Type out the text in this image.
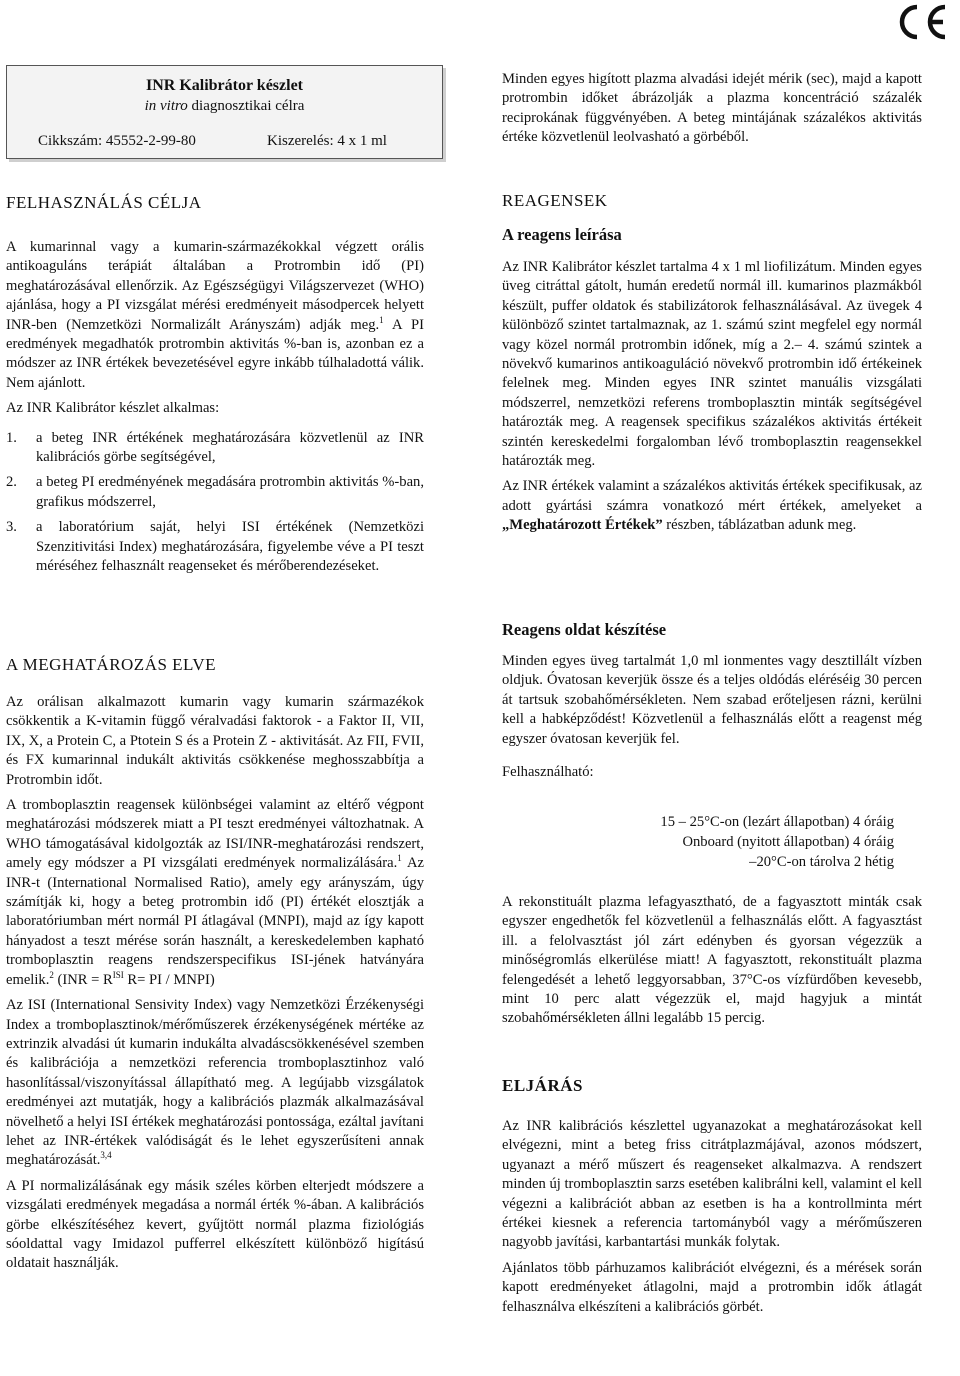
INR Kalibrátor készlet
in vitro diagnosztikai célra
Cikkszám: 45552-2-99-80	Kiszerelés: 4 x 1 ml
FELHASZNÁLÁS CÉLJA

A kumarinnal vagy a kumarin-származékokkal végzett orális antikoaguláns terápiát általában a Protrombin idő (PI) meghatározásával ellenőrzik. Az Egészségügyi Világszervezet (WHO) ajánlása, hogy a PI vizsgálat mérési eredményeit másodpercek helyett INR-ben (Nemzetközi Normalizált Arányszám) adják meg.$^1$ A PI eredmények megadhatók protrombin aktivitás %-ban is, azonban ez a módszer az INR értékek bevezetésével egyre inkább túlhaladottá válik. Nem ajánlott.

Az INR Kalibrátor készlet alkalmas:

1.	a beteg INR értékének meghatározására közvetlenül az INR kalibrációs görbe segítségével,
2.	a beteg PI eredményének megadására protrombin aktivitás %-ban, grafikus módszerrel,
3.	a laboratórium saját, helyi ISI értékének (Nemzetközi Szenzitivitási Index) meghatározására, figyelembe véve a PI teszt méréséhez felhasznált reagenseket és mérőberendezéseket.
A MEGHATÁROZÁS ELVE

Az orálisan alkalmazott kumarin vagy kumarin származékok csökkentik a K-vitamin függő véralvadási faktorok - a Faktor II, VII, IX, X, a Protein C, a Ptotein S és a Protein Z - aktivitását. Az FII, FVII, és FX kumarinnal indukált aktivitás csökkenése meghosszabbítja a Protrombin időt.

A tromboplasztin reagensek különbségei valamint az eltérő végpont meghatározási módszerek miatt a PI teszt eredményei változhatnak. A WHO támogatásával kidolgozták az ISI/INR-meghatározási rendszert, amely egy módszer a PI vizsgálati eredmények normalizálására.$^1$ Az INR-t (International Normalised Ratio), amely egy arányszám, úgy számítják ki, hogy a beteg protrombin idő (PI) értékét elosztják a laboratóriumban mért normál PI átlagával (MNPI), majd az így kapott hányadost a teszt mérése során használt, a kereskedelemben kapható tromboplasztin reagens rendszerspecifikus ISI-jének hatványára emelik.$^2$ ($INR = R^{ISI}$ R= PI / MNPI)

Az ISI (International Sensivity Index) vagy Nemzetközi Érzékenységi Index a tromboplasztinok/mérőműszerek érzékenységének mértéke az extrinzik alvadási út kumarin indukálta alvadáscsökkenésével szemben és kalibrációja a nemzetközi referencia tromboplasztinhoz való hasonlítással/viszonyítással állapítható meg. A legújabb vizsgálatok eredményei azt mutatják, hogy a kalibrációs plazmák alkalmazásával növelhető a helyi ISI értékek meghatározási pontossága, ezáltal javítani lehet az INR-értékek valódiságát és le lehet egyszerűsíteni annak meghatározását.$^{3,4}$

A PI normalizálásának egy másik széles körben elterjedt módszere a vizsgálati eredmények megadása a normál érték %-ában. A kalibrációs görbe elkészítéséhez kevert, gyűjtött normál plazma fiziológiás sóoldattal vagy Imidazol pufferrel elkészített különböző higítású oldatait használják.

Minden egyes higított plazma alvadási idejét mérik (sec), majd a kapott protrombin időket ábrázolják a plazma koncentráció százalék reciprokának függvényében. A beteg mintájának százalékos aktivitás értéke közvetlenül leolvasható a görbéből.

REAGENSEK
A reagens leírása

Az INR Kalibrátor készlet tartalma 4 x 1 ml liofilizátum. Minden egyes üveg citráttal gátolt, humán eredetű normál ill. kumarinos plazmákból készült, puffer oldatok és stabilizátorok felhasználásával. Az üvegek 4 különböző szintet tartalmaznak, az 1. számú szint megfelel egy normál vagy közel normál protrombin időnek, míg a 2.– 4. számú szintek a növekvő kumarinos antikoaguláció növekvő protrombin idő értékeinek felelnek meg. Minden egyes INR szintet manuális vizsgálati módszerrel, nemzetközi referens tromboplasztin minták segítségével határozták meg. A reagensek specifikus százalékos aktivitás értékeit szintén kereskedelmi forgalomban lévő tromboplasztin reagensekkel határozták meg.

Az INR értékek valamint a százalékos aktivitás értékek specifikusak, az adott gyártási számra vonatkozó mért értékek, amelyeket a „Meghatározott Értékek” részben, táblázatban adunk meg.

Reagens oldat készítése

Minden egyes üveg tartalmát 1,0 ml ionmentes vagy desztillált vízben oldjuk. Óvatosan keverjük össze és a teljes oldódás eléréséig 30 percen át tartsuk szobahőmérsékleten. Nem szabad erőteljesen rázni, kerülni kell a habképződést! Közvetlenül a felhasználás előtt a reagenst még egyszer óvatosan keverjük fel.

Felhasználható:

15 – 25°C-on (lezárt állapotban) 4 óráig
Onboard (nyitott állapotban) 4 óráig
–20°C-on tárolva 2 hétig

A rekonstituált plazma lefagyasztható, de a fagyasztott minták csak egyszer engedhetők fel közvetlenül a felhasználás előtt. A fagyasztást ill. a felolvasztást jól zárt edényben és gyorsan végezzük a minőségromlás elkerülése miatt! A fagyasztott, rekonstituált plazma felengedését a lehető leggyorsabban, 37°C-os vízfürdőben kevesebb, mint 10 perc alatt végezzük el, majd hagyjuk a mintát szobahőmérsékleten állni legalább 15 percig.

ELJÁRÁS

Az INR kalibrációs készlettel ugyanazokat a meghatározásokat kell elvégezni, mint a beteg friss citrátplazmájával, azonos módszert, ugyanazt a mérő műszert és reagenseket alkalmazva. A rendszert minden új tromboplasztin sarzs esetében kalibrálni kell, valamint el kell végezni a kalibrációt abban az esetben is ha a kontrollminta mért értékei kiesnek a referencia tartományból vagy a mérőműszeren nagyobb javítási, karbantartási munkák folytak.

Ajánlatos több párhuzamos kalibrációt elvégezni, és a mérések során kapott eredményeket átlagolni, majd a protrombin idők átlagát felhasználva elkészíteni a kalibrációs görbét.
